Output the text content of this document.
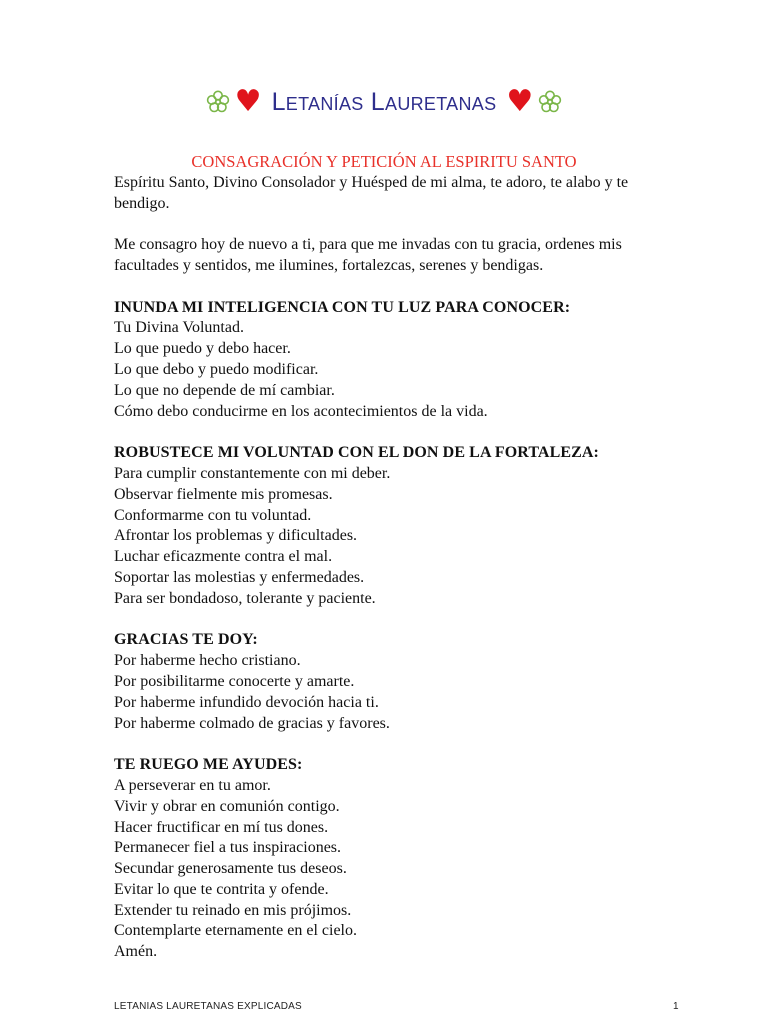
♥ Letanías Lauretanas ♥

CONSAGRACIÓN Y PETICIÓN AL ESPIRITU SANTO

Espíritu Santo, Divino Consolador y Huésped de mi alma, te adoro, te alabo y te bendigo.

Me consagro hoy de nuevo a ti, para que me invadas con tu gracia, ordenes mis facultades y sentidos, me ilumines, fortalezcas, serenes y bendigas.

INUNDA MI INTELIGENCIA CON TU LUZ PARA CONOCER:

Tu Divina Voluntad.

Lo que puedo y debo hacer.

Lo que debo y puedo modificar.

Lo que no depende de mí cambiar.

Cómo debo conducirme en los acontecimientos de la vida.

ROBUSTECE MI VOLUNTAD CON EL DON DE LA FORTALEZA:

Para cumplir constantemente con mi deber.

Observar fielmente mis promesas.

Conformarme con tu voluntad.

Afrontar los problemas y dificultades.

Luchar eficazmente contra el mal.

Soportar las molestias y enfermedades.

Para ser bondadoso, tolerante y paciente.

GRACIAS TE DOY:

Por haberme hecho cristiano.

Por posibilitarme conocerte y amarte.

Por haberme infundido devoción hacia ti.

Por haberme colmado de gracias y favores.

TE RUEGO ME AYUDES:

A perseverar en tu amor.

Vivir y obrar en comunión contigo.

Hacer fructificar en mí tus dones.

Permanecer fiel a tus inspiraciones.

Secundar generosamente tus deseos.

Evitar lo que te contrita y ofende.

Extender tu reinado en mis prójimos.

Contemplarte eternamente en el cielo.

Amén.

LETANIAS LAURETANAS EXPLICADAS	1
